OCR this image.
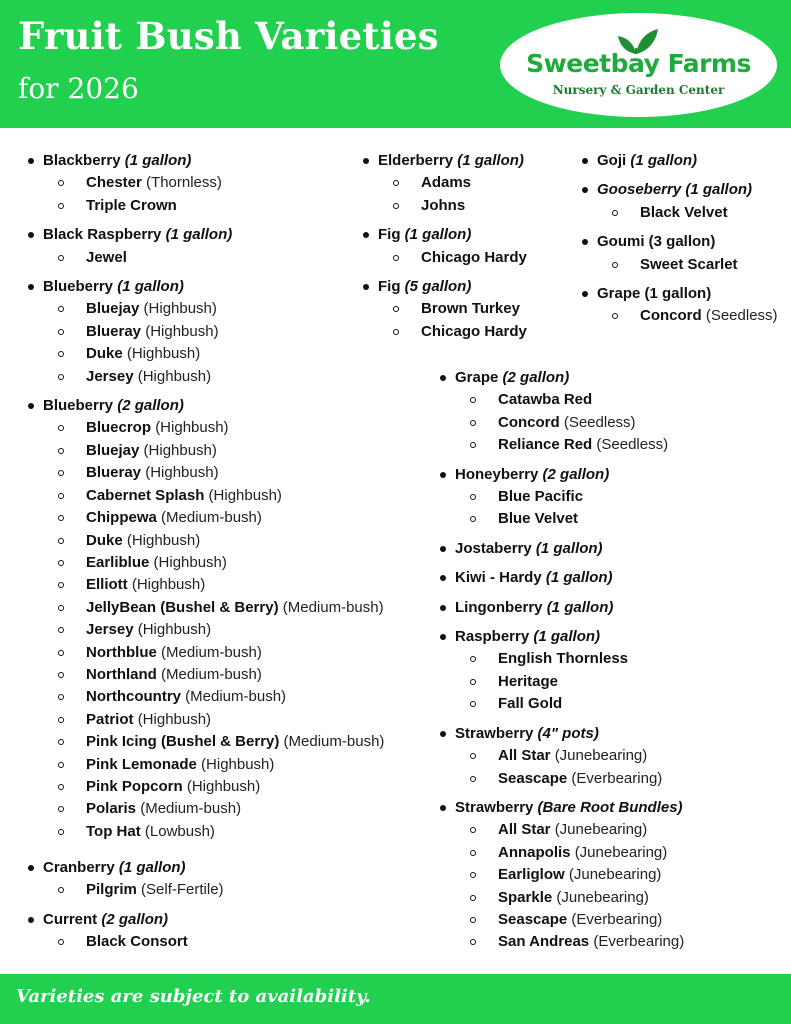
Fruit Bush Varieties
for 2026
Sweetbay Farms
Nursery & Garden Center
Blackberry (1 gallon)
Chester (Thornless)
Triple Crown
Black Raspberry (1 gallon)
Jewel
Blueberry (1 gallon)
Bluejay (Highbush)
Blueray (Highbush)
Duke (Highbush)
Jersey (Highbush)
Blueberry (2 gallon)
Bluecrop (Highbush)
Bluejay (Highbush)
Blueray (Highbush)
Cabernet Splash (Highbush)
Chippewa (Medium-bush)
Duke (Highbush)
Earliblue (Highbush)
Elliott (Highbush)
JellyBean (Bushel & Berry) (Medium-bush)
Jersey (Highbush)
Northblue (Medium-bush)
Northland (Medium-bush)
Northcountry (Medium-bush)
Patriot (Highbush)
Pink Icing (Bushel & Berry) (Medium-bush)
Pink Lemonade (Highbush)
Pink Popcorn (Highbush)
Polaris (Medium-bush)
Top Hat (Lowbush)
Cranberry (1 gallon)
Pilgrim (Self-Fertile)
Current (2 gallon)
Black Consort
Elderberry (1 gallon)
Adams
Johns
Fig (1 gallon)
Chicago Hardy
Fig (5 gallon)
Brown Turkey
Chicago Hardy
Goji (1 gallon)
Gooseberry (1 gallon)
Black Velvet
Goumi (3 gallon)
Sweet Scarlet
Grape (1 gallon)
Concord (Seedless)
Grape (2 gallon)
Catawba Red
Concord (Seedless)
Reliance Red (Seedless)
Honeyberry (2 gallon)
Blue Pacific
Blue Velvet
Jostaberry (1 gallon)
Kiwi - Hardy (1 gallon)
Lingonberry (1 gallon)
Raspberry (1 gallon)
English Thornless
Heritage
Fall Gold
Strawberry (4" pots)
All Star (Junebearing)
Seascape (Everbearing)
Strawberry (Bare Root Bundles)
All Star (Junebearing)
Annapolis (Junebearing)
Earliglow (Junebearing)
Sparkle (Junebearing)
Seascape (Everbearing)
San Andreas (Everbearing)
Varieties are subject to availability.
